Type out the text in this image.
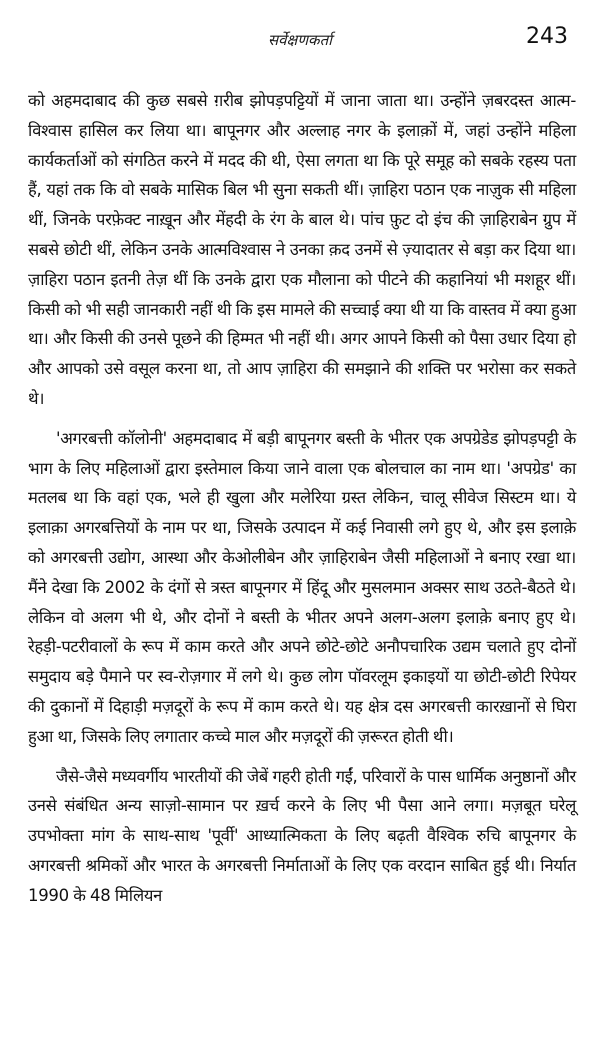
सर्वेक्षणकर्ता	243

को अहमदाबाद की कुछ सबसे ग़रीब झोपड़पट्टियों में जाना जाता था। उन्होंने ज़बरदस्त आत्म-विश्वास हासिल कर लिया था। बापूनगर और अल्लाह नगर के इलाक़ों में, जहां उन्होंने महिला कार्यकर्ताओं को संगठित करने में मदद की थी, ऐसा लगता था कि पूरे समूह को सबके रहस्य पता हैं, यहां तक कि वो सबके मासिक बिल भी सुना सकती थीं। ज़ाहिरा पठान एक नाज़ुक सी महिला थीं, जिनके परफ़ेक्ट नाख़ून और मेंहदी के रंग के बाल थे। पांच फ़ुट दो इंच की ज़ाहिराबेन ग्रुप में सबसे छोटी थीं, लेकिन उनके आत्मविश्वास ने उनका क़द उनमें से ज़्यादातर से बड़ा कर दिया था। ज़ाहिरा पठान इतनी तेज़ थीं कि उनके द्वारा एक मौलाना को पीटने की कहानियां भी मशहूर थीं। किसी को भी सही जानकारी नहीं थी कि इस मामले की सच्चाई क्या थी या कि वास्तव में क्या हुआ था। और किसी की उनसे पूछने की हिम्मत भी नहीं थी। अगर आपने किसी को पैसा उधार दिया हो और आपको उसे वसूल करना था, तो आप ज़ाहिरा की समझाने की शक्ति पर भरोसा कर सकते थे।

'अगरबत्ती कॉलोनी' अहमदाबाद में बड़ी बापूनगर बस्ती के भीतर एक अपग्रेडेड झोपड़पट्टी के भाग के लिए महिलाओं द्वारा इस्तेमाल किया जाने वाला एक बोलचाल का नाम था। 'अपग्रेड' का मतलब था कि वहां एक, भले ही खुला और मलेरिया ग्रस्त लेकिन, चालू सीवेज सिस्टम था। ये इलाक़ा अगरबत्तियों के नाम पर था, जिसके उत्पादन में कई निवासी लगे हुए थे, और इस इलाक़े को अगरबत्ती उद्योग, आस्था और केओलीबेन और ज़ाहिराबेन जैसी महिलाओं ने बनाए रखा था। मैंने देखा कि 2002 के दंगों से त्रस्त बापूनगर में हिंदू और मुसलमान अक्सर साथ उठते-बैठते थे। लेकिन वो अलग भी थे, और दोनों ने बस्ती के भीतर अपने अलग-अलग इलाक़े बनाए हुए थे। रेहड़ी-पटरीवालों के रूप में काम करते और अपने छोटे-छोटे अनौपचारिक उद्यम चलाते हुए दोनों समुदाय बड़े पैमाने पर स्व-रोज़गार में लगे थे। कुछ लोग पॉवरलूम इकाइयों या छोटी-छोटी रिपेयर की दुकानों में दिहाड़ी मज़दूरों के रूप में काम करते थे। यह क्षेत्र दस अगरबत्ती कारख़ानों से घिरा हुआ था, जिसके लिए लगातार कच्चे माल और मज़दूरों की ज़रूरत होती थी।

जैसे-जैसे मध्यवर्गीय भारतीयों की जेबें गहरी होती गईं, परिवारों के पास धार्मिक अनुष्ठानों और उनसे संबंधित अन्य साज़ो-सामान पर ख़र्च करने के लिए भी पैसा आने लगा। मज़बूत घरेलू उपभोक्ता मांग के साथ-साथ 'पूर्वी' आध्यात्मिकता के लिए बढ़ती वैश्विक रुचि बापूनगर के अगरबत्ती श्रमिकों और भारत के अगरबत्ती निर्माताओं के लिए एक वरदान साबित हुई थी। निर्यात 1990 के 48 मिलियन
